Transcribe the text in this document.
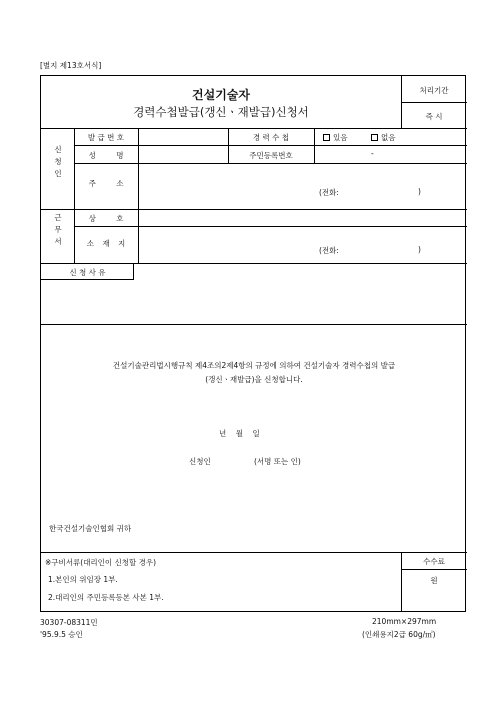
[별지 제13호서식]
건설기술자
경력수첩발급(갱신ㆍ재발급)신청서
처리기간
즉 시
신
청
인
근
무
서
발 급 번 호	경 력 수 첩	있음	없음
성 명	주민등록번호	-
주 소
(전화:	)
상 호
소 재 지
(전화:	)
신 청 사 유
건설기술관리법시행규칙 제4조의2제4항의 규정에 의하여 건설기술자 경력수첩의 발급
(갱신ㆍ재발급)을 신청합니다.
년    월    일
신청인	(서명 또는 인)
한국건설기술인협회 귀하
※구비서류(대리인이 신청할 경우)
1.본인의 위임장 1부.
2.대리인의 주민등록등본 사본 1부.
수수료
원
30307-08311민
'95.9.5 승인
210mm×297mm
(인쇄용지2급 60g/㎡)
